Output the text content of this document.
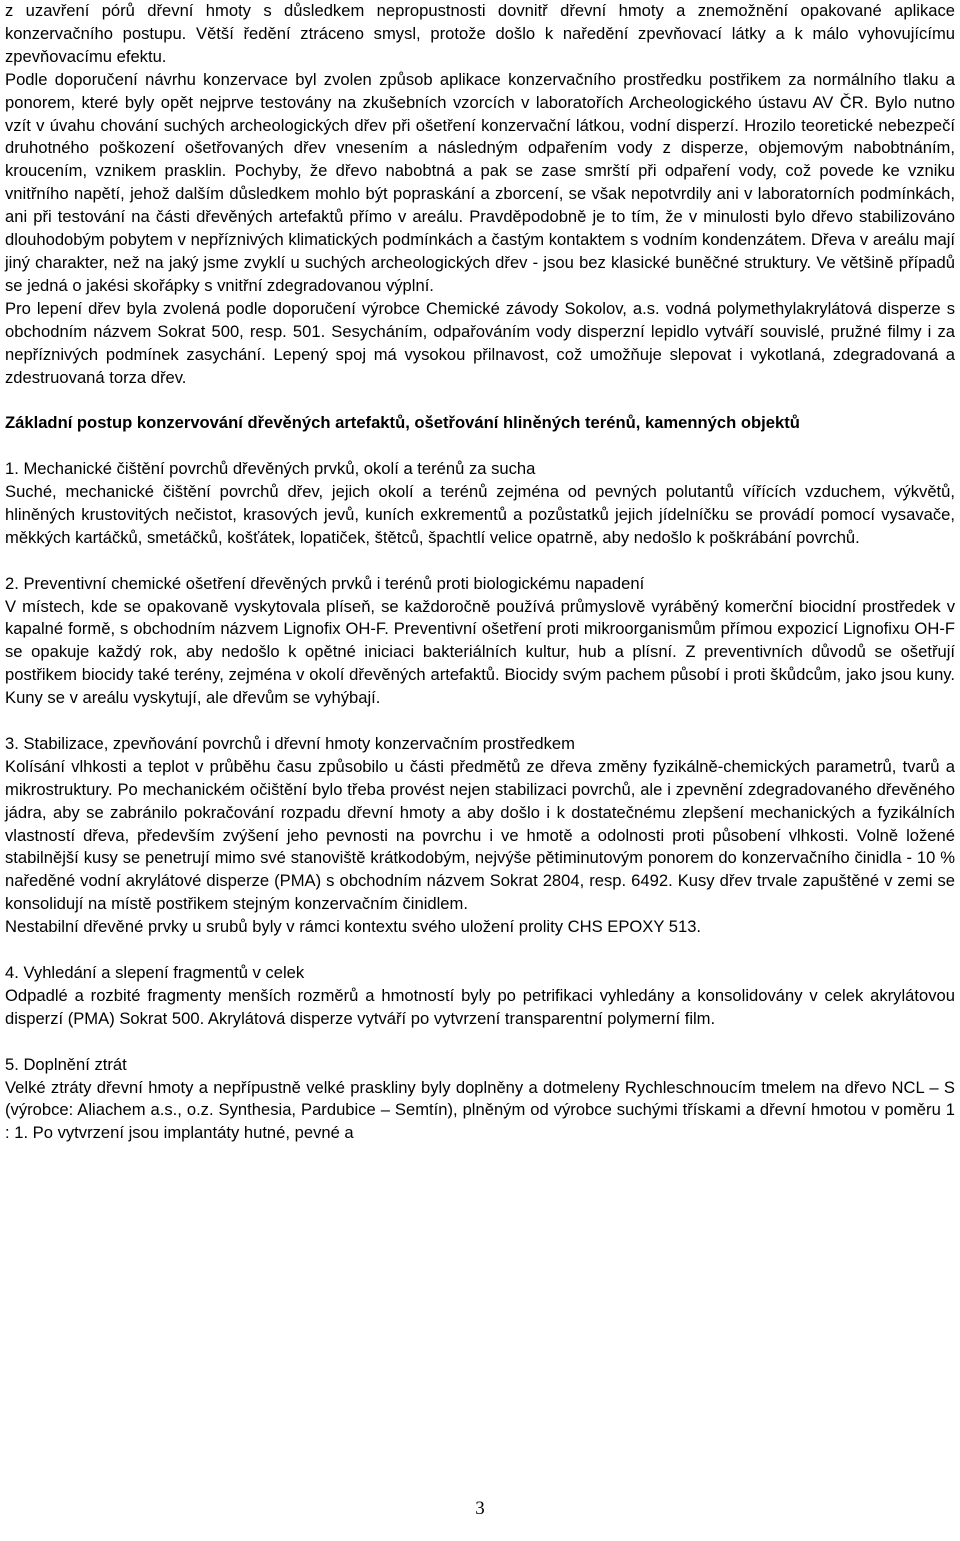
z uzavření pórů dřevní hmoty s důsledkem nepropustnosti dovnitř dřevní hmoty a znemožnění opakované aplikace konzervačního postupu. Větší ředění ztráceno smysl, protože došlo k naředění zpevňovací látky a k málo vyhovujícímu zpevňovacímu efektu.

Podle doporučení návrhu konzervace byl zvolen způsob aplikace konzervačního prostředku postřikem za normálního tlaku a ponorem, které byly opět nejprve testovány na zkušebních vzorcích v laboratořích Archeologického ústavu AV ČR. Bylo nutno vzít v úvahu chování suchých archeologických dřev při ošetření konzervační látkou, vodní disperzí. Hrozilo teoretické nebezpečí druhotného poškození ošetřovaných dřev vnesením a následným odpařením vody z disperze, objemovým nabobtnáním, kroucením, vznikem prasklin. Pochyby, že dřevo nabobtná a pak se zase smrští při odpaření vody, což povede ke vzniku vnitřního napětí, jehož dalším důsledkem mohlo být popraskání a zborcení, se však nepotvrdily ani v laboratorních podmínkách, ani při testování na části dřevěných artefaktů přímo v areálu. Pravděpodobně je to tím, že v minulosti bylo dřevo stabilizováno dlouhodobým pobytem v nepříznivých klimatických podmínkách a častým kontaktem s vodním kondenzátem. Dřeva v areálu mají jiný charakter, než na jaký jsme zvyklí u suchých archeologických dřev - jsou bez klasické buněčné struktury. Ve většině případů se jedná o jakési skořápky s vnitřní zdegradovanou výplní.

Pro lepení dřev byla zvolená podle doporučení výrobce Chemické závody Sokolov, a.s. vodná polymethylakrylátová disperze s obchodním názvem Sokrat 500, resp. 501. Sesycháním, odpařováním vody disperzní lepidlo vytváří souvislé, pružné filmy i za nepříznivých podmínek zasychání. Lepený spoj má vysokou přilnavost, což umožňuje slepovat i vykotlaná, zdegradovaná a zdestruovaná torza dřev.

Základní postup konzervování dřevěných artefaktů, ošetřování hliněných terénů, kamenných objektů

1. Mechanické čištění povrchů dřevěných prvků, okolí a terénů za sucha

Suché, mechanické čištění povrchů dřev, jejich okolí a terénů zejména od pevných polutantů vířících vzduchem, výkvětů, hliněných krustovitých nečistot, krasových jevů, kuních exkrementů a pozůstatků jejich jídelníčku se provádí pomocí vysavače, měkkých kartáčků, smetáčků, košťátek, lopatiček, štětců, špachtlí velice opatrně, aby nedošlo k poškrábání povrchů.

2. Preventivní chemické ošetření dřevěných prvků i terénů proti biologickému napadení

V místech, kde se opakovaně vyskytovala plíseň, se každoročně používá průmyslově vyráběný komerční biocidní prostředek v kapalné formě, s obchodním názvem Lignofix OH-F. Preventivní ošetření proti mikroorganismům přímou expozicí Lignofixu OH-F se opakuje každý rok, aby nedošlo k opětné iniciaci bakteriálních kultur, hub a plísní. Z preventivních důvodů se ošetřují postřikem biocidy také terény, zejména v okolí dřevěných artefaktů. Biocidy svým pachem působí i proti škůdcům, jako jsou kuny. Kuny se v areálu vyskytují, ale dřevům se vyhýbají.

3. Stabilizace, zpevňování povrchů i dřevní hmoty konzervačním prostředkem

Kolísání vlhkosti a teplot v průběhu času způsobilo u části předmětů ze dřeva změny fyzikálně-chemických parametrů, tvarů a mikrostruktury. Po mechanickém očištění bylo třeba provést nejen stabilizaci povrchů, ale i zpevnění zdegradovaného dřevěného jádra, aby se zabránilo pokračování rozpadu dřevní hmoty a aby došlo i k dostatečnému zlepšení mechanických a fyzikálních vlastností dřeva, především zvýšení jeho pevnosti na povrchu i ve hmotě a odolnosti proti působení vlhkosti. Volně ložené stabilnější kusy se penetrují mimo své stanoviště krátkodobým, nejvýše pětiminutovým ponorem do konzervačního činidla - 10 % naředěné vodní akrylátové disperze (PMA) s obchodním názvem Sokrat 2804, resp. 6492. Kusy dřev trvale zapuštěné v zemi se konsolidují na místě postřikem stejným konzervačním činidlem.

Nestabilní dřevěné prvky u srubů byly v rámci kontextu svého uložení prolity CHS EPOXY 513.

4. Vyhledání a slepení fragmentů v celek

Odpadlé a rozbité fragmenty menších rozměrů a hmotností byly po petrifikaci vyhledány a konsolidovány v celek akrylátovou disperzí (PMA) Sokrat 500. Akrylátová disperze vytváří po vytvrzení transparentní polymerní film.

5. Doplnění ztrát

Velké ztráty dřevní hmoty a nepřípustně velké praskliny byly doplněny a dotmeleny Rychleschnoucím tmelem na dřevo NCL – S (výrobce: Aliachem a.s., o.z. Synthesia, Pardubice – Semtín), plněným od výrobce suchými třískami a dřevní hmotou v poměru 1 : 1. Po vytvrzení jsou implantáty hutné, pevné a

3
